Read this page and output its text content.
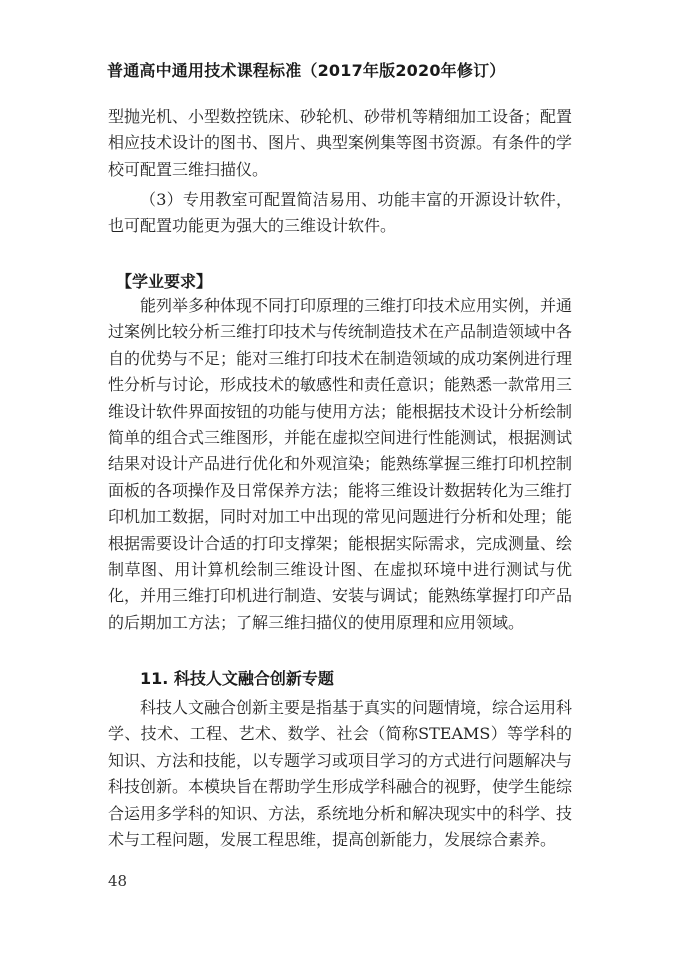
普通高中通用技术课程标准（2017年版2020年修订）
型抛光机、小型数控铣床、砂轮机、砂带机等精细加工设备；配置相应技术设计的图书、图片、典型案例集等图书资源。有条件的学校可配置三维扫描仪。
（3）专用教室可配置简洁易用、功能丰富的开源设计软件，也可配置功能更为强大的三维设计软件。
【学业要求】
能列举多种体现不同打印原理的三维打印技术应用实例，并通过案例比较分析三维打印技术与传统制造技术在产品制造领域中各自的优势与不足；能对三维打印技术在制造领域的成功案例进行理性分析与讨论，形成技术的敏感性和责任意识；能熟悉一款常用三维设计软件界面按钮的功能与使用方法；能根据技术设计分析绘制简单的组合式三维图形，并能在虚拟空间进行性能测试，根据测试结果对设计产品进行优化和外观渲染；能熟练掌握三维打印机控制面板的各项操作及日常保养方法；能将三维设计数据转化为三维打印机加工数据，同时对加工中出现的常见问题进行分析和处理；能根据需要设计合适的打印支撑架；能根据实际需求，完成测量、绘制草图、用计算机绘制三维设计图、在虚拟环境中进行测试与优化，并用三维打印机进行制造、安装与调试；能熟练掌握打印产品的后期加工方法；了解三维扫描仪的使用原理和应用领域。
11. 科技人文融合创新专题
科技人文融合创新主要是指基于真实的问题情境，综合运用科学、技术、工程、艺术、数学、社会（简称STEAMS）等学科的知识、方法和技能，以专题学习或项目学习的方式进行问题解决与科技创新。本模块旨在帮助学生形成学科融合的视野，使学生能综合运用多学科的知识、方法，系统地分析和解决现实中的科学、技术与工程问题，发展工程思维，提高创新能力，发展综合素养。
48
